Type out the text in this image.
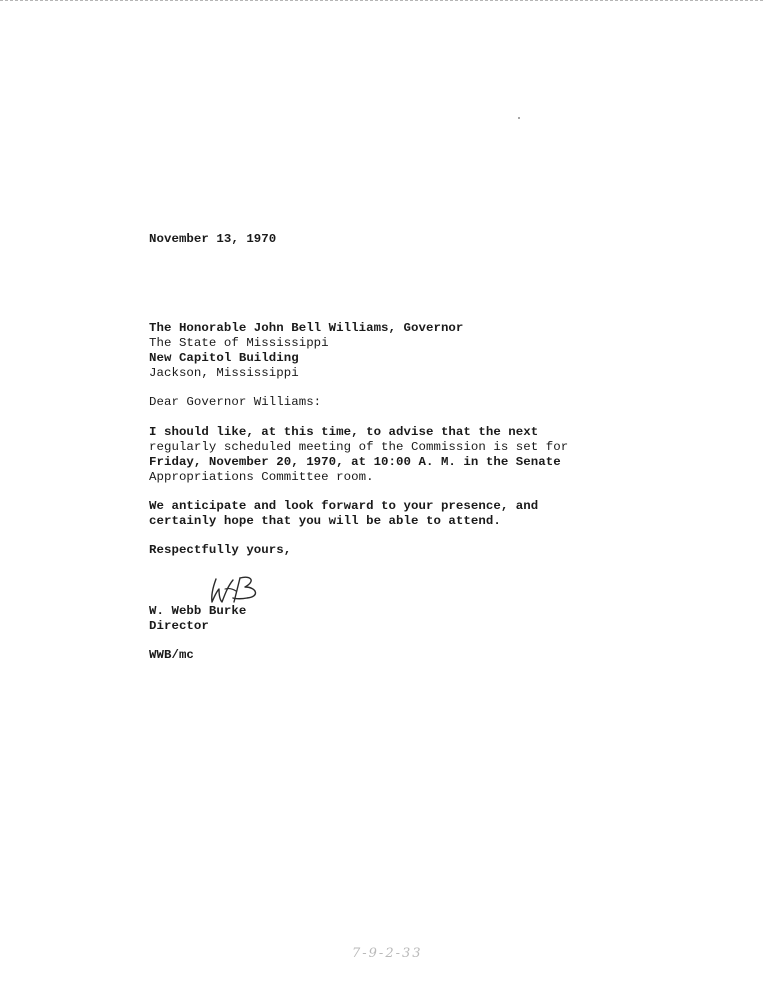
November 13, 1970
The Honorable John Bell Williams, Governor
The State of Mississippi
New Capitol Building
Jackson, Mississippi
Dear Governor Williams:
I should like, at this time, to advise that the next
regularly scheduled meeting of the Commission is set for
Friday, November 20, 1970, at 10:00 A. M. in the Senate
Appropriations Committee room.
We anticipate and look forward to your presence, and
certainly hope that you will be able to attend.
Respectfully yours,
W. Webb Burke
Director
WWB/mc
7-9-2-33
